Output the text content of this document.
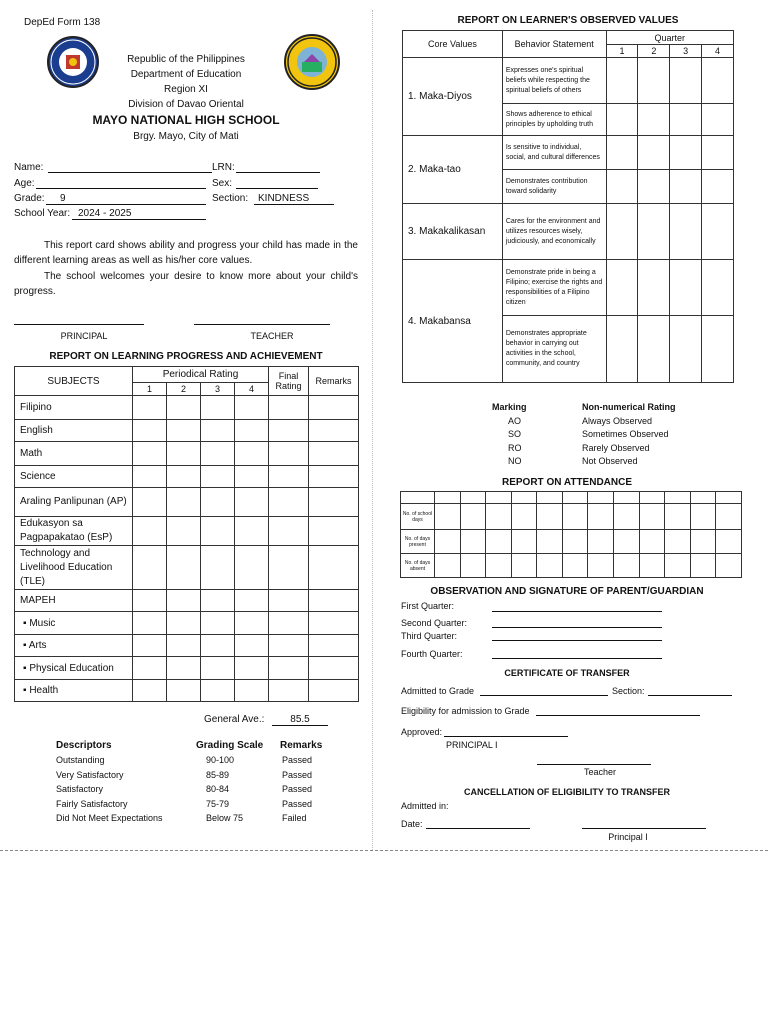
DepEd Form 138
Republic of the Philippines
Department of Education
Region XI
Division of Davao Oriental
MAYO NATIONAL HIGH SCHOOL
Brgy. Mayo, City of Mati
Name:	LRN:
Age:	Sex:
Grade:	9	Section: KINDNESS
School Year: 2024 - 2025
This report card shows ability and progress your child has made in the different learning areas as well as his/her core values.
The school welcomes your desire to know more about your child's progress.
PRINCIPAL	TEACHER
REPORT ON LEARNING PROGRESS AND ACHIEVEMENT
SUBJECTS	Periodical Rating				Final Rating	Remarks
	1	2	3	4		
Filipino						
English						
Math						
Science						
Araling Panlipunan (AP)						
Edukasyon sa Pagpapakatao (EsP)						
Technology and Livelihood Education (TLE)						
MAPEH						
▪ Music						
▪ Arts						
▪ Physical Education						
▪ Health						
General Ave.:	85.5
Descriptors	Grading Scale	Remarks
Outstanding	90-100	Passed
Very Satisfactory	85-89	Passed
Satisfactory	80-84	Passed
Fairly Satisfactory	75-79	Passed
Did Not Meet Expectations	Below 75	Failed
REPORT ON LEARNER'S OBSERVED VALUES
Core Values	Behavior Statement	Quarter			
		1	2	3	4
1. Maka-Diyos	Expresses one's spiritual beliefs while respecting the spiritual beliefs of others				
	Shows adherence to ethical principles by upholding truth				
2. Maka-tao	Is sensitive to individual, social, and cultural differences				
	Demonstrates contribution toward solidarity				
3. Makakalikasan	Cares for the environment and utilizes resources wisely, judiciously, and economically				
4. Makabansa	Demonstrate pride in being a Filipino; exercise the rights and responsibilities of a Filipino citizen				
	Demonstrates appropriate behavior in carrying out activities in the school, community, and country				
Marking	Non-numerical Rating
AO	Always Observed
SO	Sometimes Observed
RO	Rarely Observed
NO	Not Observed
REPORT ON ATTENDANCE

No. of school days												
No. of days present												
No. of days absent												
OBSERVATION AND SIGNATURE OF PARENT/GUARDIAN
First Quarter:
Second Quarter:
Third Quarter:
Fourth Quarter:
CERTIFICATE OF TRANSFER
Admitted to Grade	Section:
Eligibility for admission to Grade
Approved:
PRINCIPAL I
Teacher
CANCELLATION OF ELIGIBILITY TO TRANSFER
Admitted in:
Date:
Principal I
